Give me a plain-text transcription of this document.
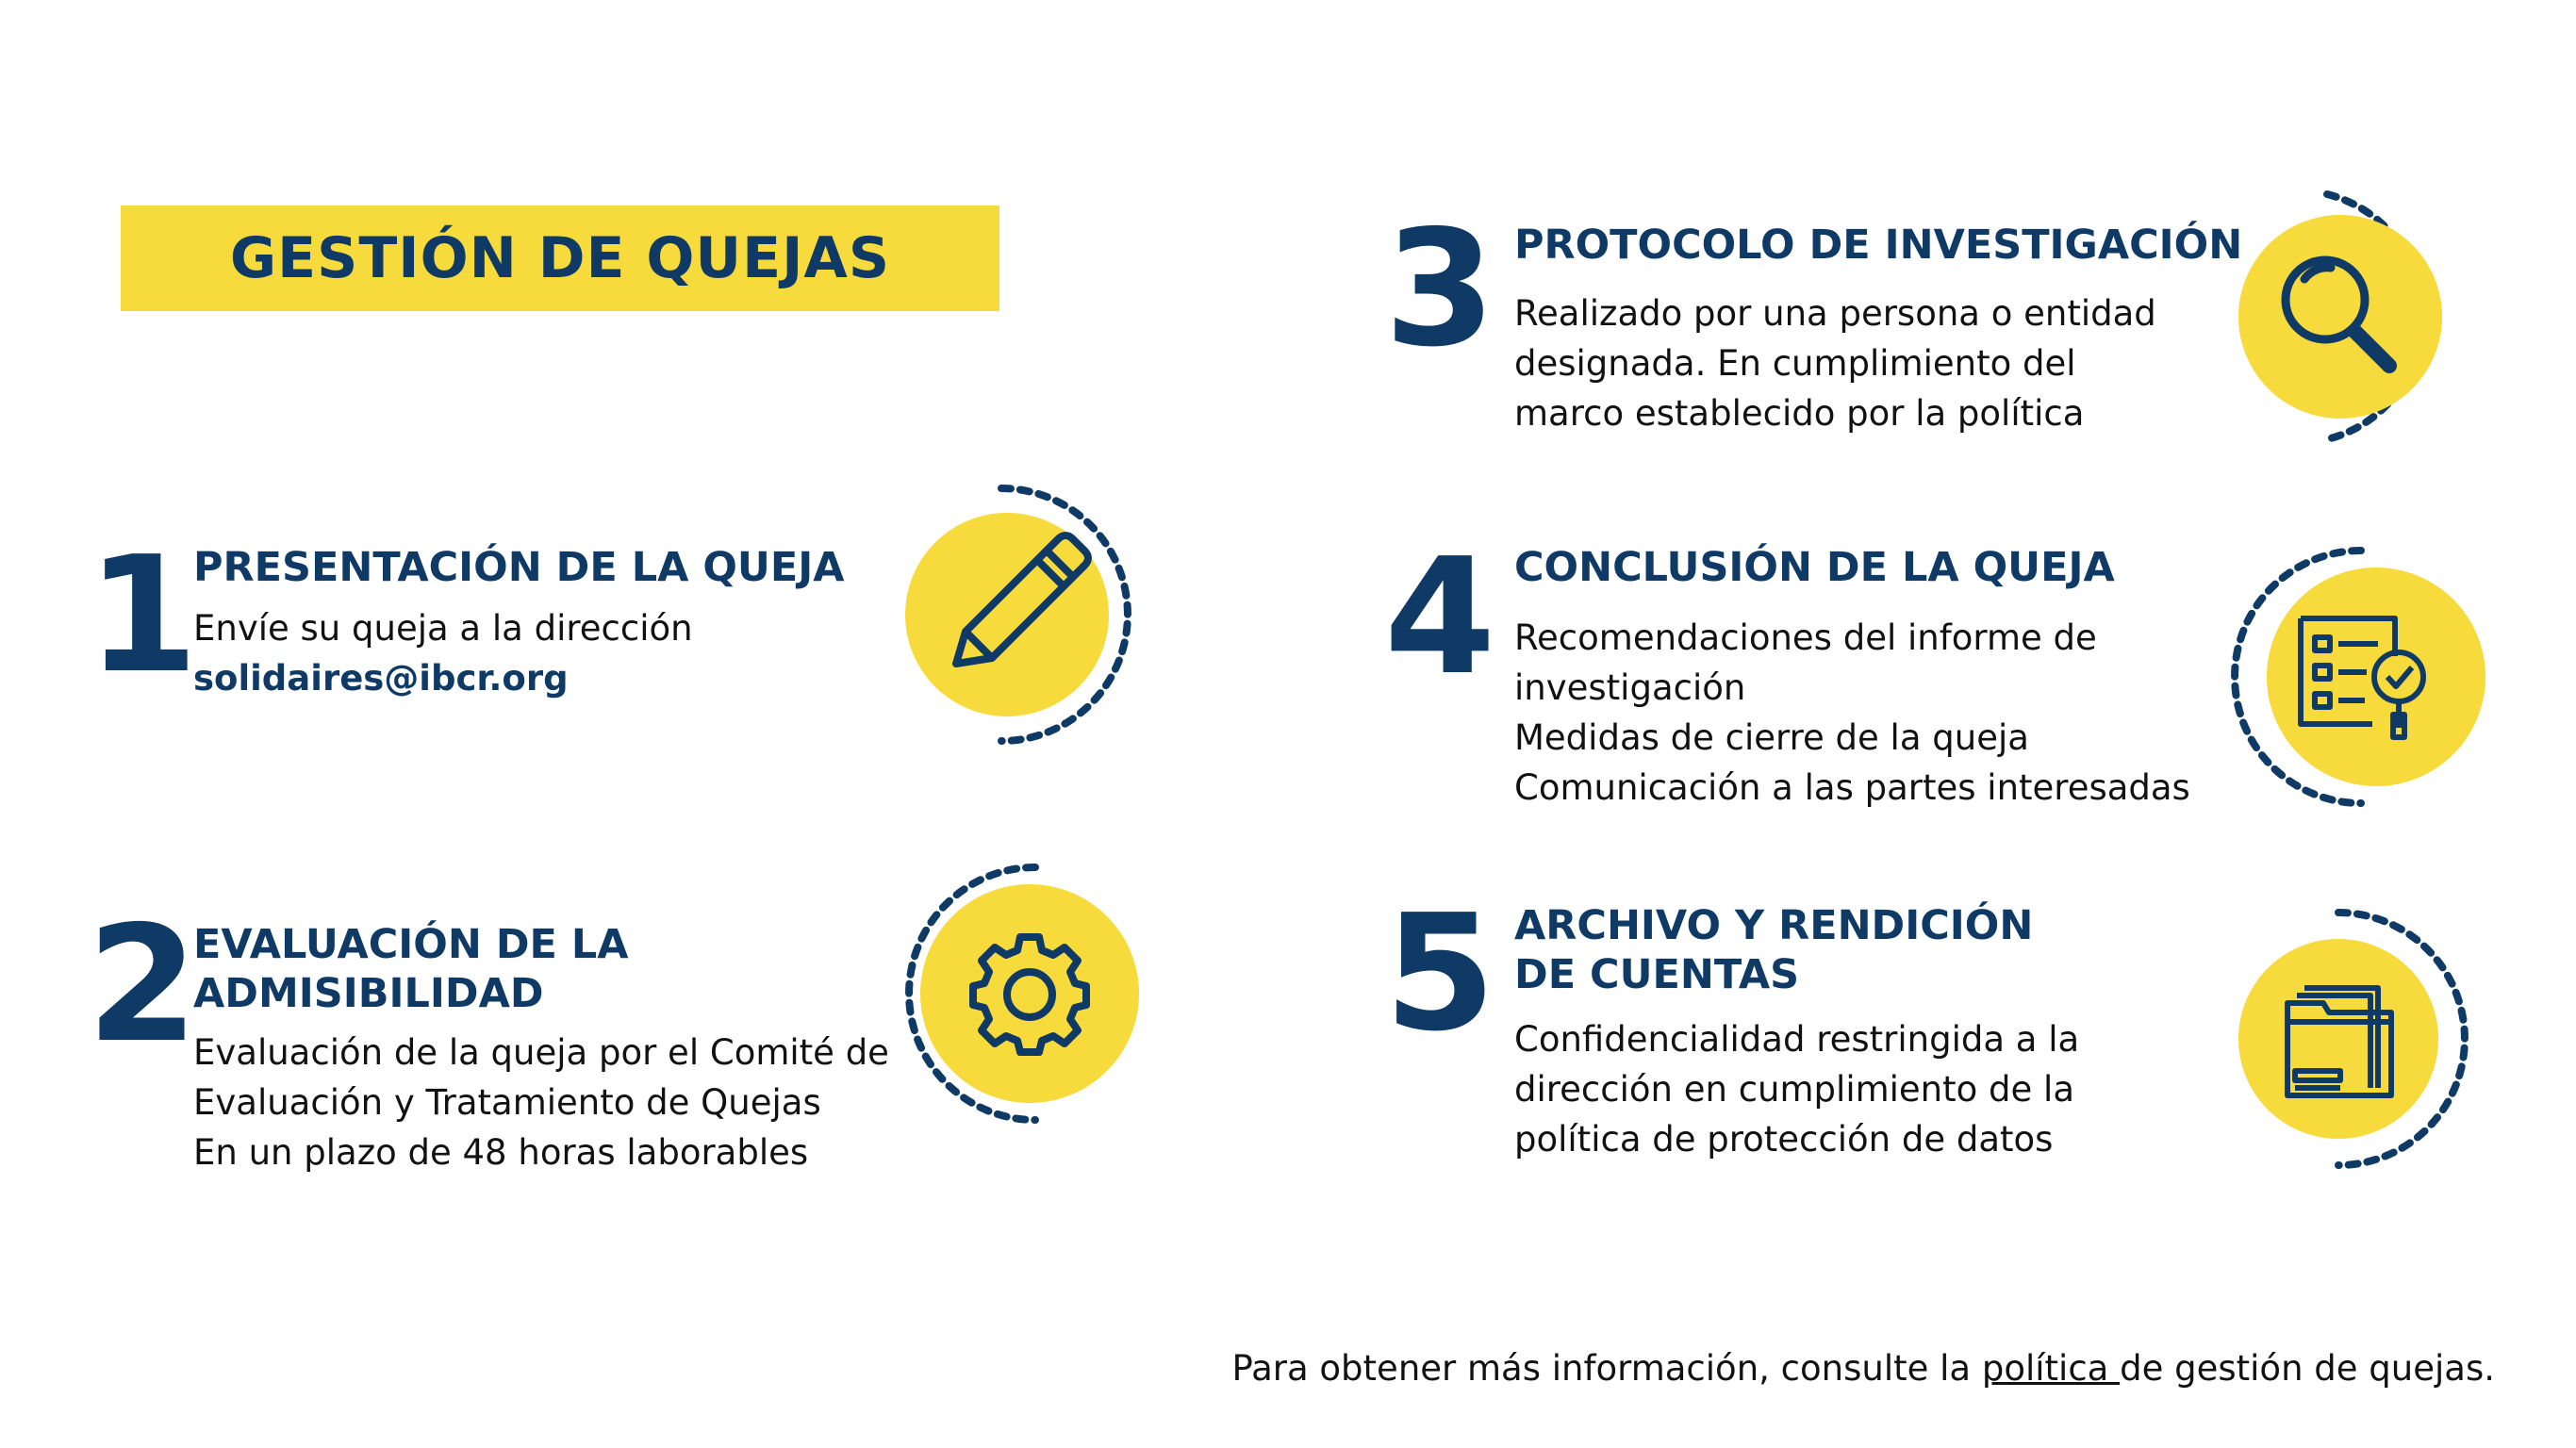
GESTIÓN DE QUEJAS
1
PRESENTACIÓN DE LA QUEJA
Envíe su queja a la dirección
solidaires@ibcr.org
2
EVALUACIÓN DE LA
ADMISIBILIDAD
Evaluación de la queja por el Comité de
Evaluación y Tratamiento de Quejas
En un plazo de 48 horas laborables
3 PROTOCOLO DE INVESTIGACIÓN
Realizado por una persona o entidad
designada. En cumplimiento del
marco establecido por la política
4 CONCLUSIÓN DE LA QUEJA
Recomendaciones del informe de
investigación
Medidas de cierre de la queja
Comunicación a las partes interesadas
5 ARCHIVO Y RENDICIÓN
DE CUENTAS
Confidencialidad restringida a la
dirección en cumplimiento de la
política de protección de datos
Para obtener más información, consulte la política de gestión de quejas.
